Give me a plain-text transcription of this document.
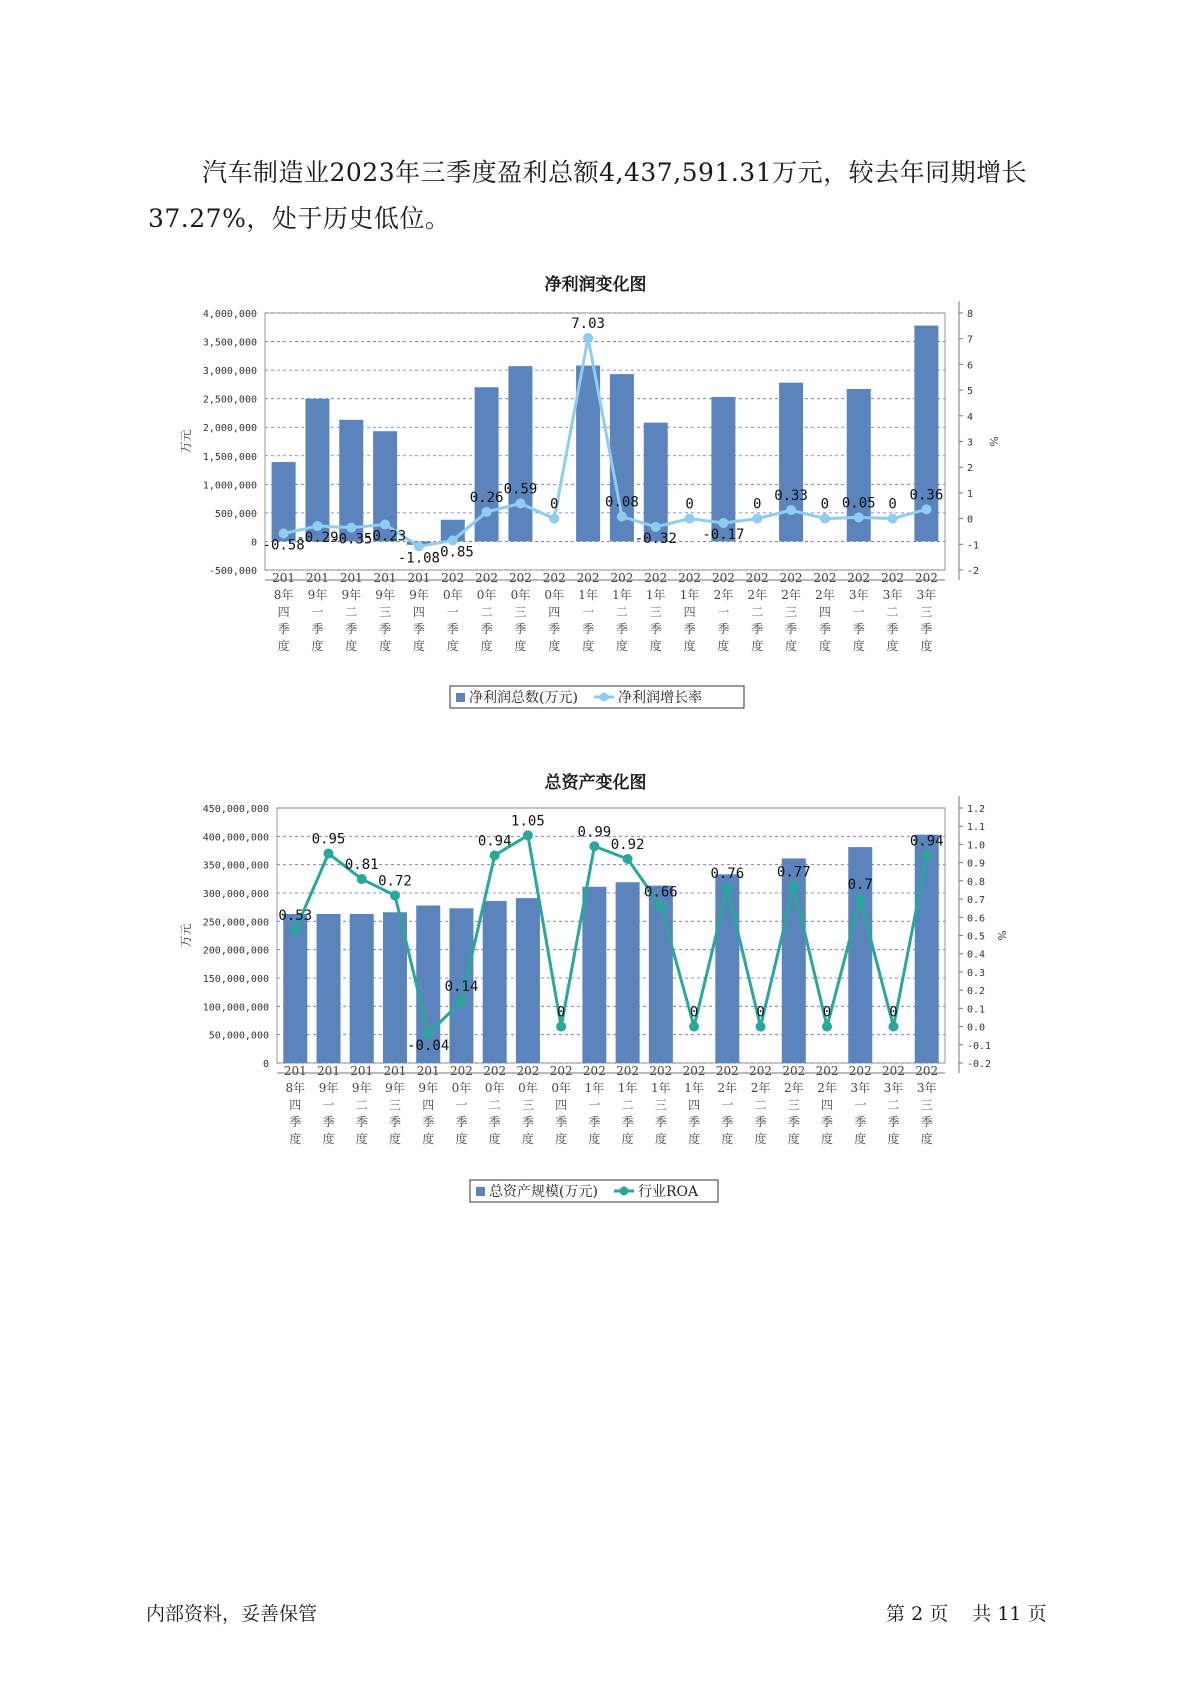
汽车制造业2023年三季度盈利总额4,437,591.31万元，较去年同期增长37.27%，处于历史低位。

净利润变化图
-500,000
0
500,000
1,000,000
1,500,000
2,000,000
2,500,000
3,000,000
3,500,000
4,000,000
-2
-1
0
1
2
3
4
5
6
7
8
万元	%
-0.58
-0.29
-0.35
-0.23
-1.08
-0.85
0.26
0.59
0
7.03
0.08
-0.32
0
-0.17
0
0.33
0 0.05 0
0.36
201
8年
四
季
度
201
9年
一
季
度
201
9年
二
季
度
201
9年
三
季
度
201
9年
四
季
度
202
0年
一
季
度
202
0年
二
季
度
202
0年
三
季
度
202
0年
四
季
度
202
1年
一
季
度
202
1年
二
季
度
202
1年
三
季
度
202
1年
四
季
度
202
2年
一
季
度
202
2年
二
季
度
202
2年
三
季
度
202
2年
四
季
度
202
3年
一
季
度
202
3年
二
季
度
202
3年
三
季
度
净利润总数(万元)	净利润增长率
总资产变化图
0
50,000,000
100,000,000
150,000,000
200,000,000
250,000,000
300,000,000
350,000,000
400,000,000
450,000,000
-0.2
-0.1
0.0
0.1
0.2
0.3
0.4
0.5
0.6
0.7
0.8
0.9
1.0
1.1
1.2
万元	%
0.53
0.95
0.81
0.72
-0.04
0.14
0.94
1.05
0
0.99
0.92
0.66
0
0.76
0
0.77
0
0.7
0
0.94
201
8年
四
季
度
201
9年
一
季
度
201
9年
二
季
度
201
9年
三
季
度
201
9年
四
季
度
202
0年
一
季
度
202
0年
二
季
度
202
0年
三
季
度
202
0年
四
季
度
202
1年
一
季
度
202
1年
二
季
度
202
1年
三
季
度
202
1年
四
季
度
202
2年
一
季
度
202
2年
二
季
度
202
2年
三
季
度
202
2年
四
季
度
202
3年
一
季
度
202
3年
二
季
度
202
3年
三
季
度
总资产规模(万元)	行业ROA
内部资料，妥善保管	第 2 页 共 11 页
